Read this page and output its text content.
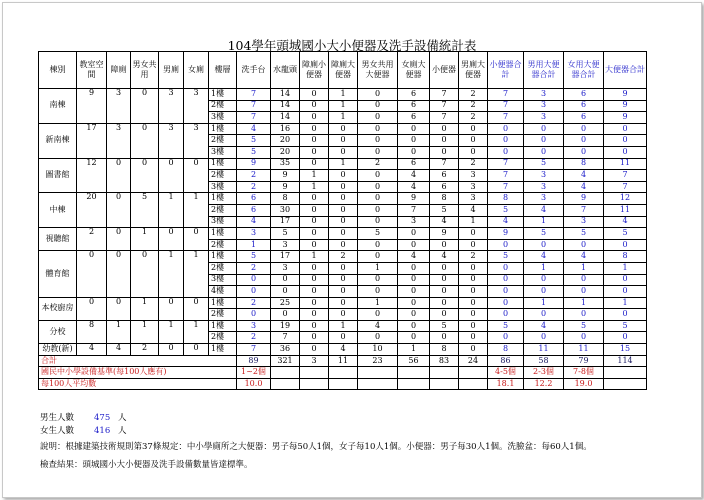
104學年頭城國小大小便器及洗手設備統計表
棟別	教室空間	障廁	男女共用	男廁	女廁	樓層	洗手台	水龍頭	障廁小便器	障廁大便器	男女共用大便器	女廁大便器	小便器	男廁大便器	小便器合計	男用大便器合計	女用大便器合計	大便器合計
南棟	9	3	0	3	3	1樓	7	14	0	1	0	6	7	2	7	3	6	9
						2樓	7	14	0	1	0	6	7	2	7	3	6	9
						3樓	7	14	0	1	0	6	7	2	7	3	6	9
新南棟	17	3	0	3	3	1樓	4	16	0	0	0	0	0	0	0	0	0	0
						2樓	5	20	0	0	0	0	0	0	0	0	0	0
						3樓	5	20	0	0	0	0	0	0	0	0	0	0
圖書館	12	0	0	0	0	1樓	9	35	0	1	2	6	7	2	7	5	8	11
						2樓	2	9	1	0	0	4	6	3	7	3	4	7
						3樓	2	9	1	0	0	4	6	3	7	3	4	7
中棟	20	0	5	1	1	1樓	6	8	0	0	0	9	8	3	8	3	9	12
						2樓	6	30	0	0	0	7	5	4	5	4	7	11
						3樓	4	17	0	0	0	3	4	1	4	1	3	4
視聽館	2	0	1	0	0	1樓	3	5	0	0	5	0	9	0	9	5	5	5
						2樓	1	3	0	0	0	0	0	0	0	0	0	0
體育館	0	0	0	1	1	1樓	5	17	1	2	0	4	4	2	5	4	4	8
						2樓	2	3	0	0	1	0	0	0	0	1	1	1
						3樓	0	0	0	0	0	0	0	0	0	0	0	0
						4樓	0	0	0	0	0	0	0	0	0	0	0	0
本校廚房	0	0	1	0	0	1樓	2	25	0	0	1	0	0	0	0	1	1	1
						2樓	0	0	0	0	0	0	0	0	0	0	0	0
分校	8	1	1	1	1	1樓	3	19	0	1	4	0	5	0	5	4	5	5
						2樓	2	7	0	0	0	0	0	0	0	0	0	0
幼教(新)	4	4	2	0	0	1樓	7	36	0	4	10	1	8	0	8	11	11	15
合計							89	321	3	11	23	56	83	24	86	58	79	114
國民中小學設備基準(每100人應有)							1~2個								4-5個	2-3個	7-8個	
每100人平均數							10.0								18.1	12.2	19.0	
男生人數 475 人
女生人數 416 人
說明：根據建築技術規則第37條規定：中小學廁所之大便器：男子每50人1個，女子每10人1個。小便器：男子每30人1個。洗臉盆：每60人1個。
檢查結果：頭城國小大小便器及洗手設備數量皆達標準。
